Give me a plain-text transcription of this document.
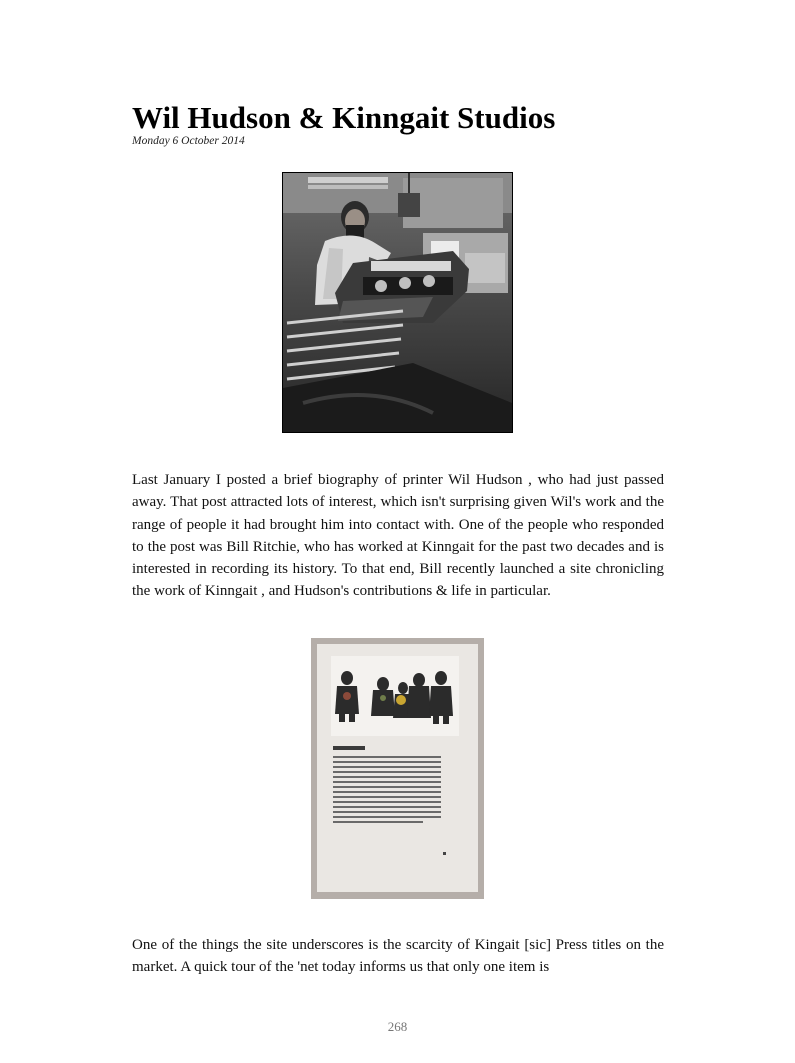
Wil Hudson & Kinngait Studios
Monday 6 October 2014

Last January I posted a brief biography of printer Wil Hudson , who had just passed away. That post attracted lots of interest, which isn't surprising given Wil's work and the range of people it had brought him into contact with. One of the people who responded to the post was Bill Ritchie, who has worked at Kinngait for the past two decades and is interested in recording its history. To that end, Bill recently launched a site chronicling the work of Kinngait , and Hudson's contributions & life in particular.

One of the things the site underscores is the scarcity of Kingait [sic] Press titles on the market. A quick tour of the 'net today informs us that only one item is

268
